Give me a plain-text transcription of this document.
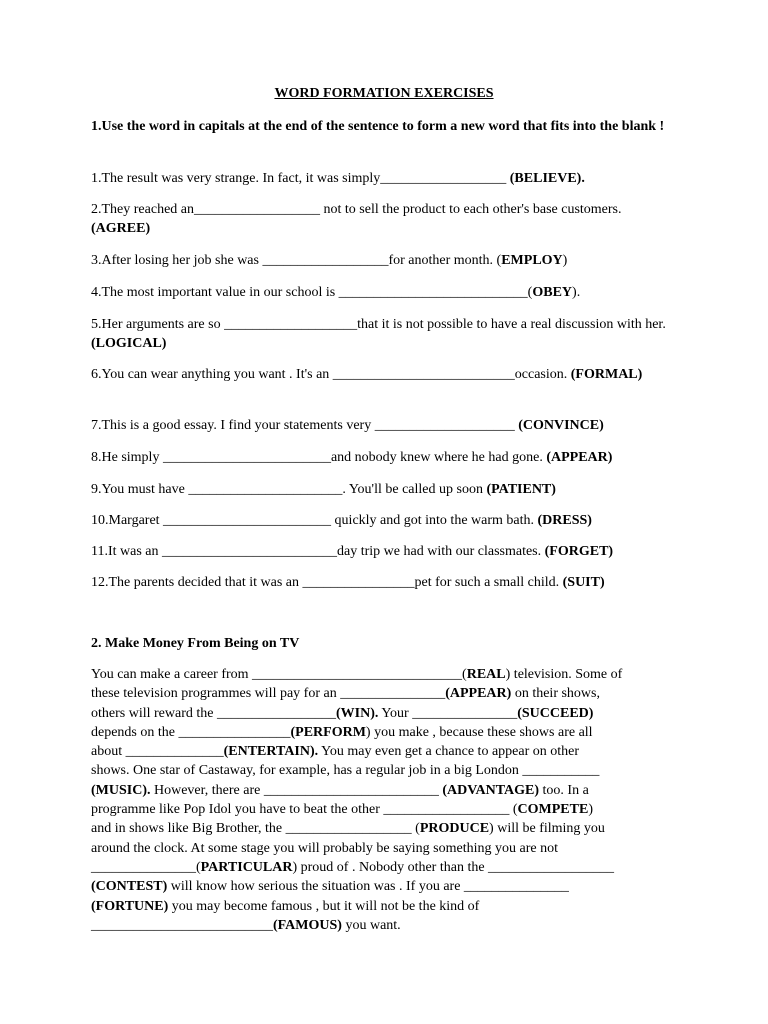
WORD FORMATION EXERCISES
1.Use the word in capitals at the end of the sentence to form a new word that fits into the blank !
1.The result was very strange. In fact, it was simply__________________ (BELIEVE).
2.They reached an__________________ not to sell the product to each other's base customers. (AGREE)
3.After losing her job she was __________________for another month. (EMPLOY)
4.The most important value in our school is ___________________________(OBEY).
5.Her arguments are so ___________________that it is not possible to have a real discussion with her. (LOGICAL)
6.You can wear anything you want . It's an __________________________occasion. (FORMAL)
7.This is a good essay. I find your statements very ____________________ (CONVINCE)
8.He simply ________________________and nobody knew where he had gone. (APPEAR)
9.You must have ______________________. You'll be called up soon (PATIENT)
10.Margaret ________________________ quickly and got into the warm bath. (DRESS)
11.It was an _________________________day trip we had with our classmates. (FORGET)
12.The parents decided that it was an ________________pet for such a small child. (SUIT)
2. Make Money From Being on TV
You can make a career from ______________________________(REAL) television. Some of
these television programmes will pay for an _______________(APPEAR) on their shows,
others will reward the _________________(WIN). Your _______________(SUCCEED)
depends on the ________________(PERFORM) you make , because these shows are all
about ______________(ENTERTAIN). You may even get a chance to appear on other
shows. One star of Castaway, for example, has a regular job in a big London ___________
(MUSIC). However, there are _________________________ (ADVANTAGE) too. In a
programme like Pop Idol you have to beat the other __________________ (COMPETE)
and in shows like Big Brother, the __________________ (PRODUCE) will be filming you
around the clock. At some stage you will probably be saying something you are not
_______________(PARTICULAR) proud of . Nobody other than the __________________
(CONTEST) will know how serious the situation was . If you are _______________
(FORTUNE) you may become famous , but it will not be the kind of
__________________________(FAMOUS) you want.
